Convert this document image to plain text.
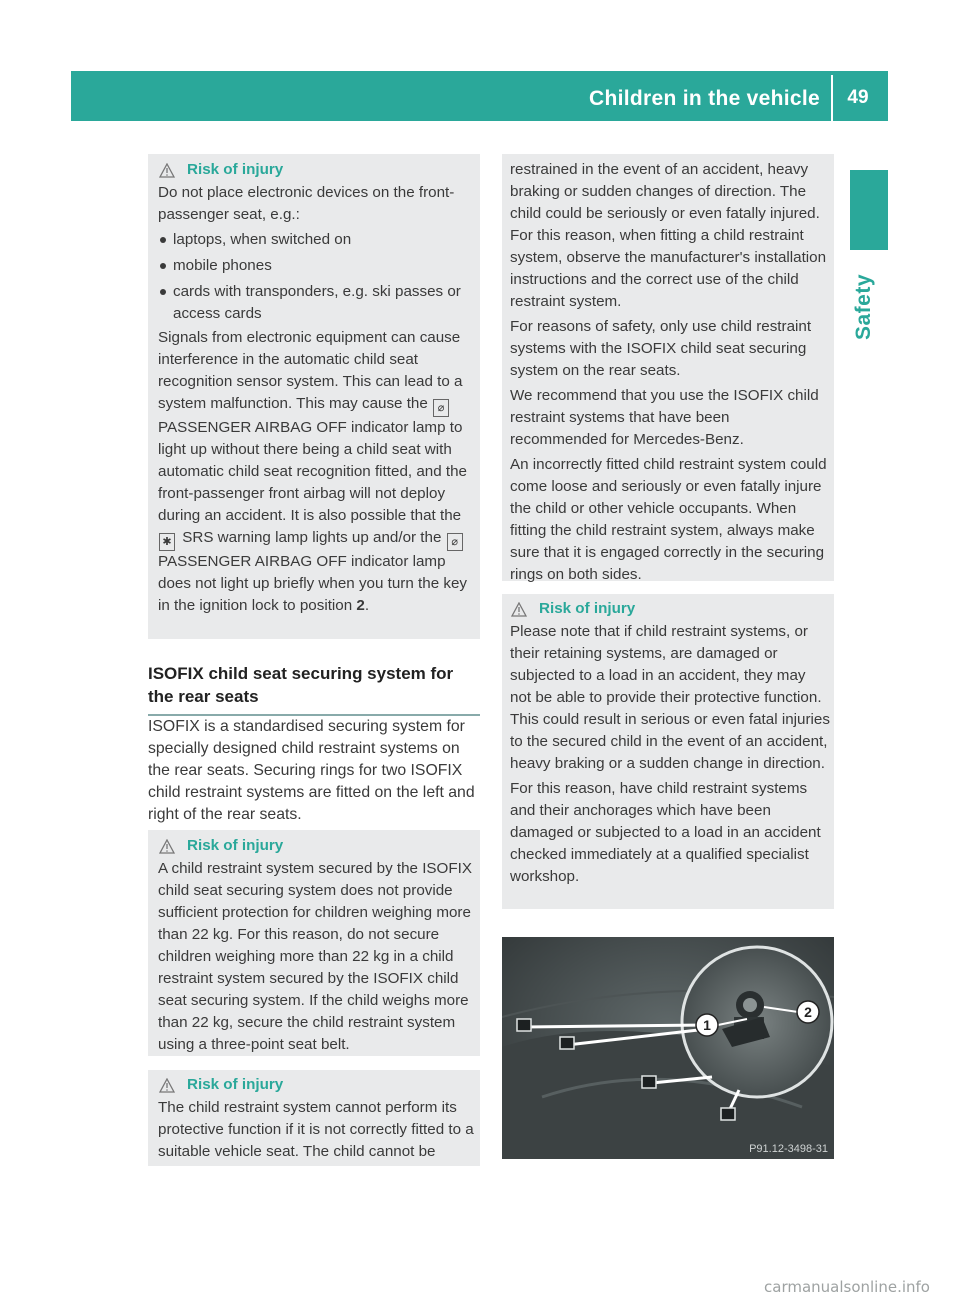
Children in the vehicle	49
Safety
Risk of injury

Do not place electronic devices on the front-passenger seat, e.g.:

laptops, when switched on
mobile phones
cards with transponders, e.g. ski passes or access cards

Signals from electronic equipment can cause interference in the automatic child seat recognition sensor system. This can lead to a system malfunction. This may cause the ⌀ PASSENGER AIRBAG OFF indicator lamp to light up without there being a child seat with automatic child seat recognition fitted, and the front-passenger front airbag will not deploy during an accident. It is also possible that the ✱ SRS warning lamp lights up and/or the ⌀ PASSENGER AIRBAG OFF indicator lamp does not light up briefly when you turn the key in the ignition lock to position 2.

ISOFIX child seat securing system for the rear seats

ISOFIX is a standardised securing system for specially designed child restraint systems on the rear seats. Securing rings for two ISOFIX child restraint systems are fitted on the left and right of the rear seats.

Risk of injury

A child restraint system secured by the ISOFIX child seat securing system does not provide sufficient protection for children weighing more than 22 kg. For this reason, do not secure children weighing more than 22 kg in a child restraint system secured by the ISOFIX child seat securing system. If the child weighs more than 22 kg, secure the child restraint system using a three-point seat belt.

Risk of injury

The child restraint system cannot perform its protective function if it is not correctly fitted to a suitable vehicle seat. The child cannot be

restrained in the event of an accident, heavy braking or sudden changes of direction. The child could be seriously or even fatally injured. For this reason, when fitting a child restraint system, observe the manufacturer's installation instructions and the correct use of the child restraint system.

For reasons of safety, only use child restraint systems with the ISOFIX child seat securing system on the rear seats.

We recommend that you use the ISOFIX child restraint systems that have been recommended for Mercedes-Benz.

An incorrectly fitted child restraint system could come loose and seriously or even fatally injure the child or other vehicle occupants. When fitting the child restraint system, always make sure that it is engaged correctly in the securing rings on both sides.

Risk of injury

Please note that if child restraint systems, or their retaining systems, are damaged or subjected to a load in an accident, they may not be able to provide their protective function. This could result in serious or even fatal injuries to the secured child in the event of an accident, heavy braking or a sudden change in direction.

For this reason, have child restraint systems and their anchorages which have been damaged or subjected to a load in an accident checked immediately at a qualified specialist workshop.

1
2
P91.12-3498-31
carmanualsonline.info
